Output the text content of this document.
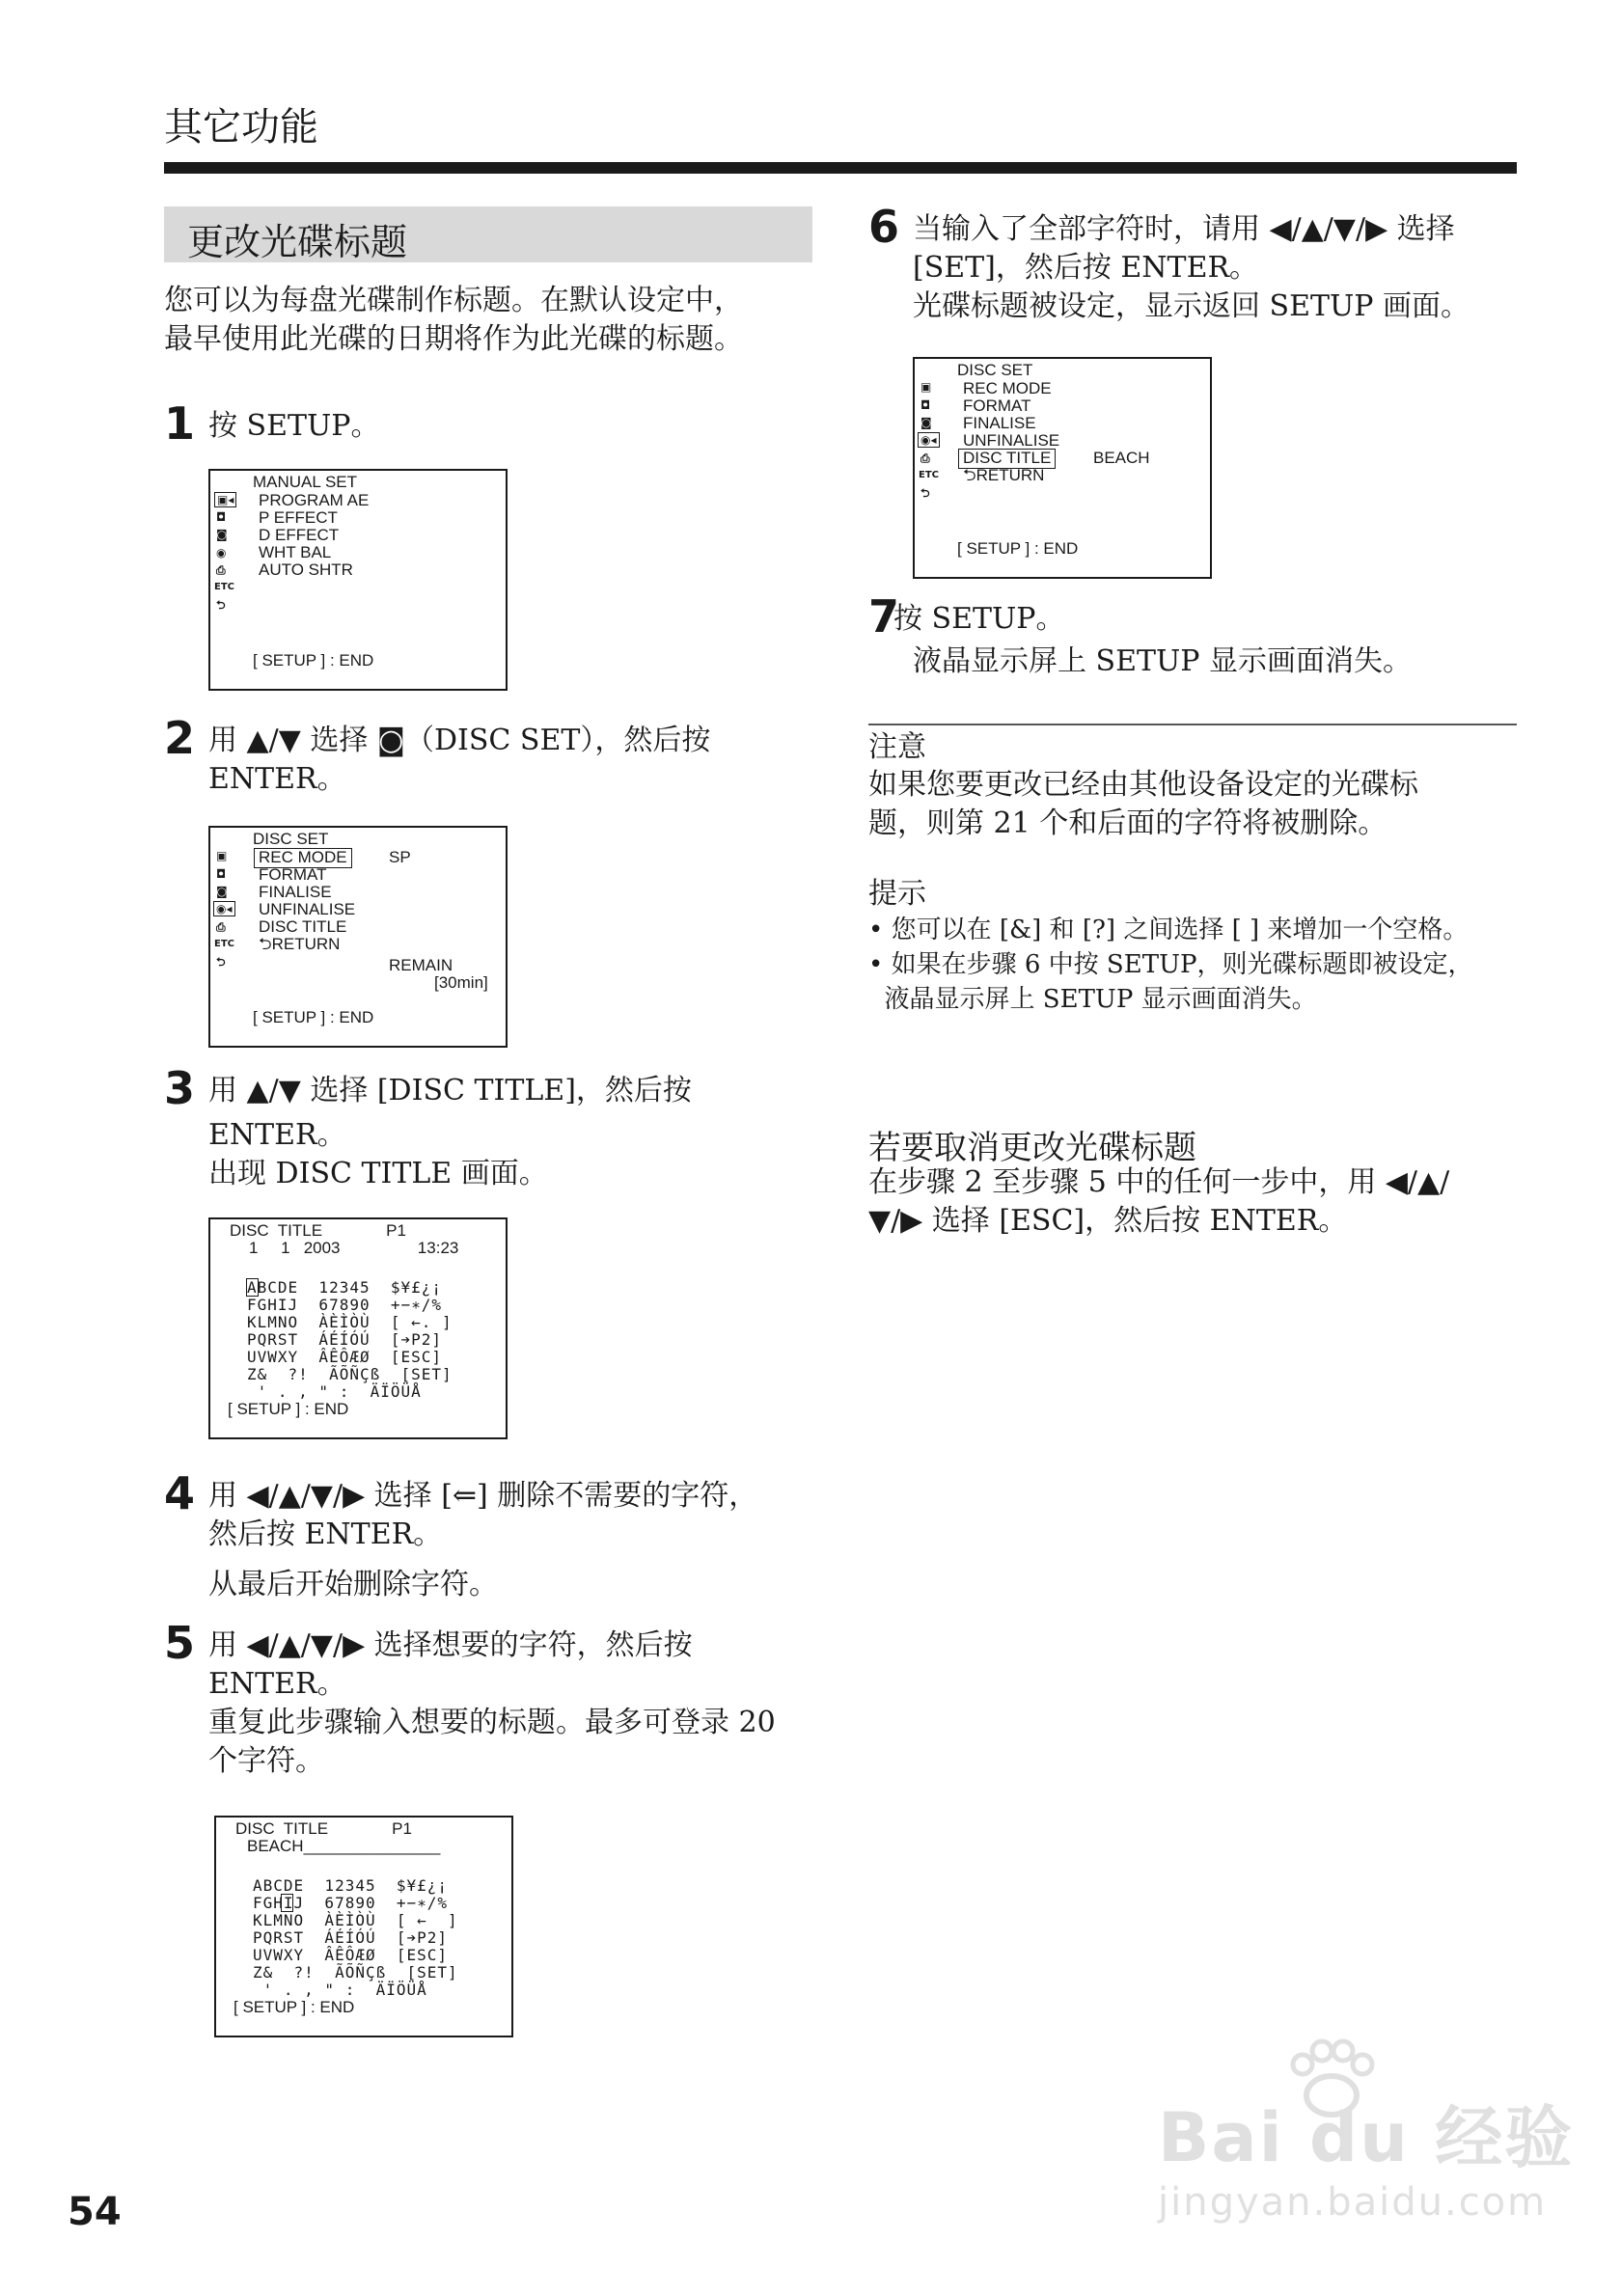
其它功能
更改光碟标题
您可以为每盘光碟制作标题。在默认设定中，
最早使用此光碟的日期将作为此光碟的标题。
1 按 SETUP。
MANUAL SET
▣◂
◘
◙
◉
⎙
ETC
⮌
PROGRAM AE
P EFFECT
D EFFECT
WHT BAL
AUTO SHTR
[ SETUP ] : END
2 用 ▲/▼ 选择 ◙（DISC SET），然后按
ENTER。
DISC SET
▣
◘
◙
◉◂
⎙
ETC
⮌
REC MODE	SP
FORMAT
FINALISE
UNFINALISE
DISC TITLE
⮌RETURN
REMAIN
[30min]
[ SETUP ] : END
3 用 ▲/▼ 选择 [DISC TITLE]，然后按
ENTER。
出现 DISC TITLE 画面。
DISC  TITLE              P1
1     1   2003                 13:23
ABCDE  12345  $¥£¿¡
FGHIJ  67890  +−∗/%
KLMNO  ÀÈÌÒÙ  [ ←. ]
PQRST  ÁÉÍÓÚ  [➔P2]
UVWXY  ÂÊÔÆØ  [ESC]
Z&  ?!  ÃÕÑÇß  [SET]
' . , " :  ÄÏÖÜÅ
[ SETUP ] : END
4 用 ◀/▲/▼/▶ 选择 [⇐] 删除不需要的字符，
然后按 ENTER。
从最后开始删除字符。
5 用 ◀/▲/▼/▶ 选择想要的字符，然后按
ENTER。
重复此步骤输入想要的标题。最多可登录 20
个字符。
DISC  TITLE              P1
BEACH_______________
ABCDE  12345  $¥£¿¡
FGHIJ  67890  +−∗/%
KLMNO  ÀÈÌÒÙ  [ ←  ]
PQRST  ÁÉÍÓÚ  [➔P2]
UVWXY  ÂÊÔÆØ  [ESC]
Z&  ?!  ÃÕÑÇß  [SET]
' . , " :  ÄÏÖÜÅ
[ SETUP ] : END
6 当输入了全部字符时，请用 ◀/▲/▼/▶ 选择
[SET]，然后按 ENTER。
光碟标题被设定，显示返回 SETUP 画面。
DISC SET
▣
◘
◙
◉◂
⎙
ETC
⮌
REC MODE
FORMAT
FINALISE
UNFINALISE
DISC TITLE	BEACH
⮌RETURN
[ SETUP ] : END
7
按 SETUP。
液晶显示屏上 SETUP 显示画面消失。
注意
如果您要更改已经由其他设备设定的光碟标
题，则第 21 个和后面的字符将被删除。
提示
• 您可以在 [&] 和 [?] 之间选择 [ ] 来增加一个空格。
• 如果在步骤 6 中按 SETUP，则光碟标题即被设定，
液晶显示屏上 SETUP 显示画面消失。
若要取消更改光碟标题
在步骤 2 至步骤 5 中的任何一步中，用 ◀/▲/
▼/▶ 选择 [ESC]，然后按 ENTER。
54
Bai du 经验
jingyan.baidu.com
